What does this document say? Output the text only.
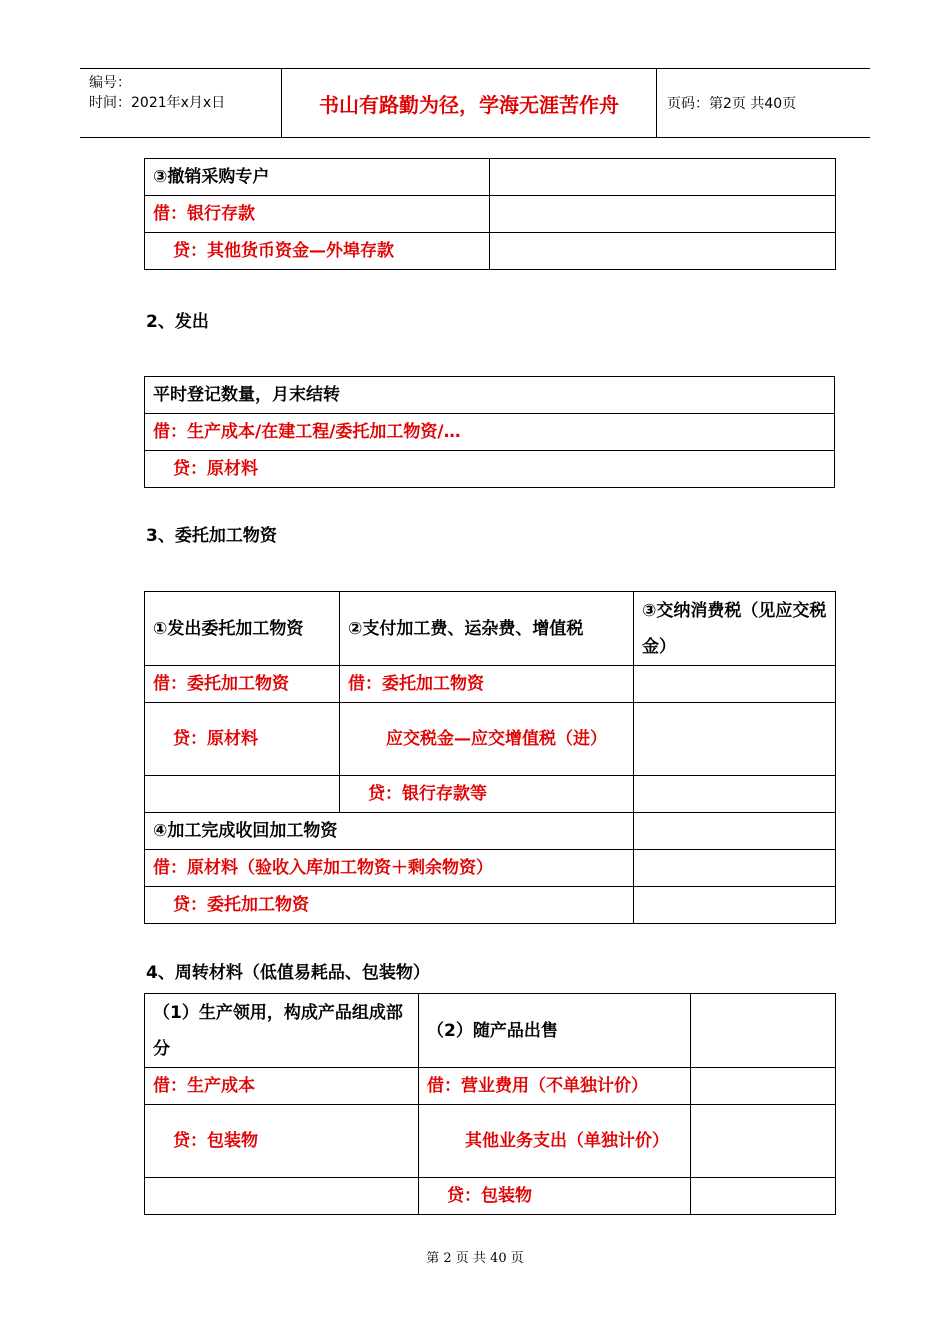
编号：
时间：2021年x月x日	书山有路勤为径，学海无涯苦作舟	页码：第2页 共40页
③撤销采购专户	
借：银行存款	
贷：其他货币资金—外埠存款	
2、发出
平时登记数量，月末结转
借：生产成本/在建工程/委托加工物资/…
贷：原材料
3、委托加工物资
①发出委托加工物资	②支付加工费、运杂费、增值税	③交纳消费税（见应交税金）
借：委托加工物资	借：委托加工物资	
贷：原材料	应交税金—应交增值税（进）	
	贷：银行存款等	
④加工完成收回加工物资		
借：原材料（验收入库加工物资＋剩余物资）		
贷：委托加工物资		
4、周转材料（低值易耗品、包装物）
（1）生产领用，构成产品组成部分	（2）随产品出售	
借：生产成本	借：营业费用（不单独计价）	
贷：包装物	其他业务支出（单独计价）	
	贷：包装物	
第 2 页 共 40 页
